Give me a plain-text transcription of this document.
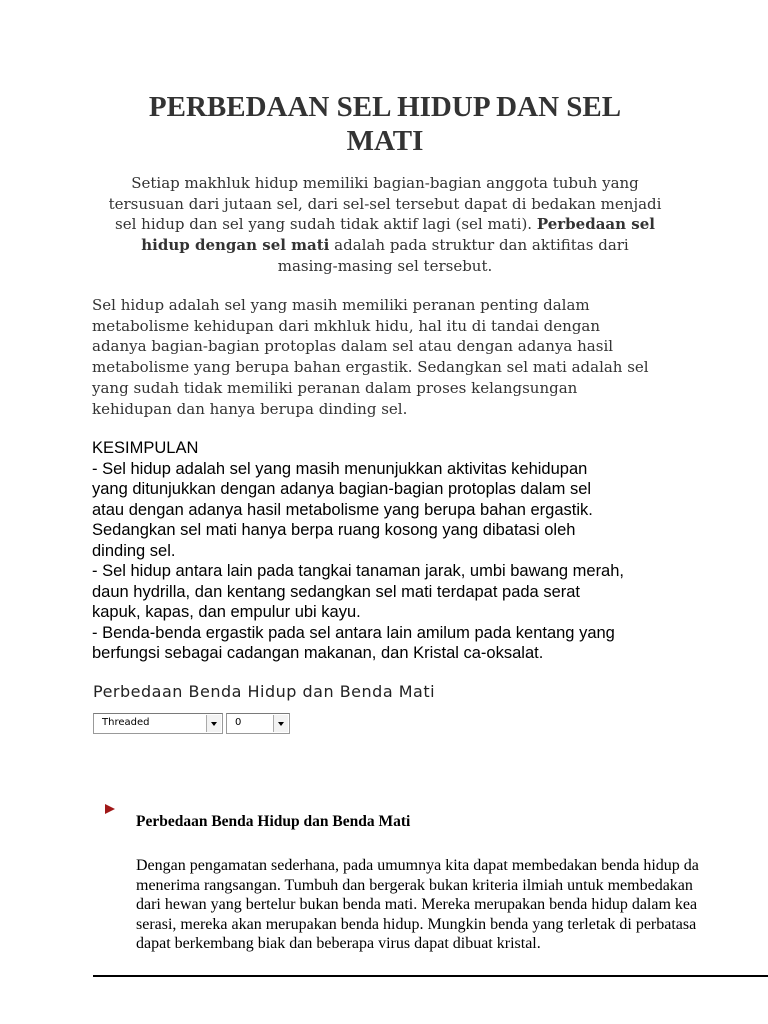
PERBEDAAN SEL HIDUP DAN SEL
MATI

Setiap makhluk hidup memiliki bagian-bagian anggota tubuh yang
tersusuan dari jutaan sel, dari sel-sel tersebut dapat di bedakan menjadi
sel hidup dan sel yang sudah tidak aktif lagi (sel mati). Perbedaan sel
hidup dengan sel mati adalah pada struktur dan aktifitas dari
masing-masing sel tersebut.

Sel hidup adalah sel yang masih memiliki peranan penting dalam
metabolisme kehidupan dari mkhluk hidu, hal itu di tandai dengan
adanya bagian-bagian protoplas dalam sel atau dengan adanya hasil
metabolisme yang berupa bahan ergastik. Sedangkan sel mati adalah sel
yang sudah tidak memiliki peranan dalam proses kelangsungan
kehidupan dan hanya berupa dinding sel.

KESIMPULAN
- Sel hidup adalah sel yang masih menunjukkan aktivitas kehidupan
yang ditunjukkan dengan adanya bagian-bagian protoplas dalam sel
atau dengan adanya hasil metabolisme yang berupa bahan ergastik.
Sedangkan sel mati hanya berpa ruang kosong yang dibatasi oleh
dinding sel.
- Sel hidup antara lain pada tangkai tanaman jarak, umbi bawang merah,
daun hydrilla, dan kentang sedangkan sel mati terdapat pada serat
kapuk, kapas, dan empulur ubi kayu.
- Benda-benda ergastik pada sel antara lain amilum pada kentang yang
berfungsi sebagai cadangan makanan, dan Kristal ca-oksalat.
Perbedaan Benda Hidup dan Benda Mati
Threaded	0
Perbedaan Benda Hidup dan Benda Mati
Dengan pengamatan sederhana, pada umumnya kita dapat membedakan benda hidup da
menerima rangsangan. Tumbuh dan bergerak bukan kriteria ilmiah untuk membedakan
dari hewan yang bertelur bukan benda mati. Mereka merupakan benda hidup dalam kea
serasi, mereka akan merupakan benda hidup. Mungkin benda yang terletak di perbatasa
dapat berkembang biak dan beberapa virus dapat dibuat kristal.
